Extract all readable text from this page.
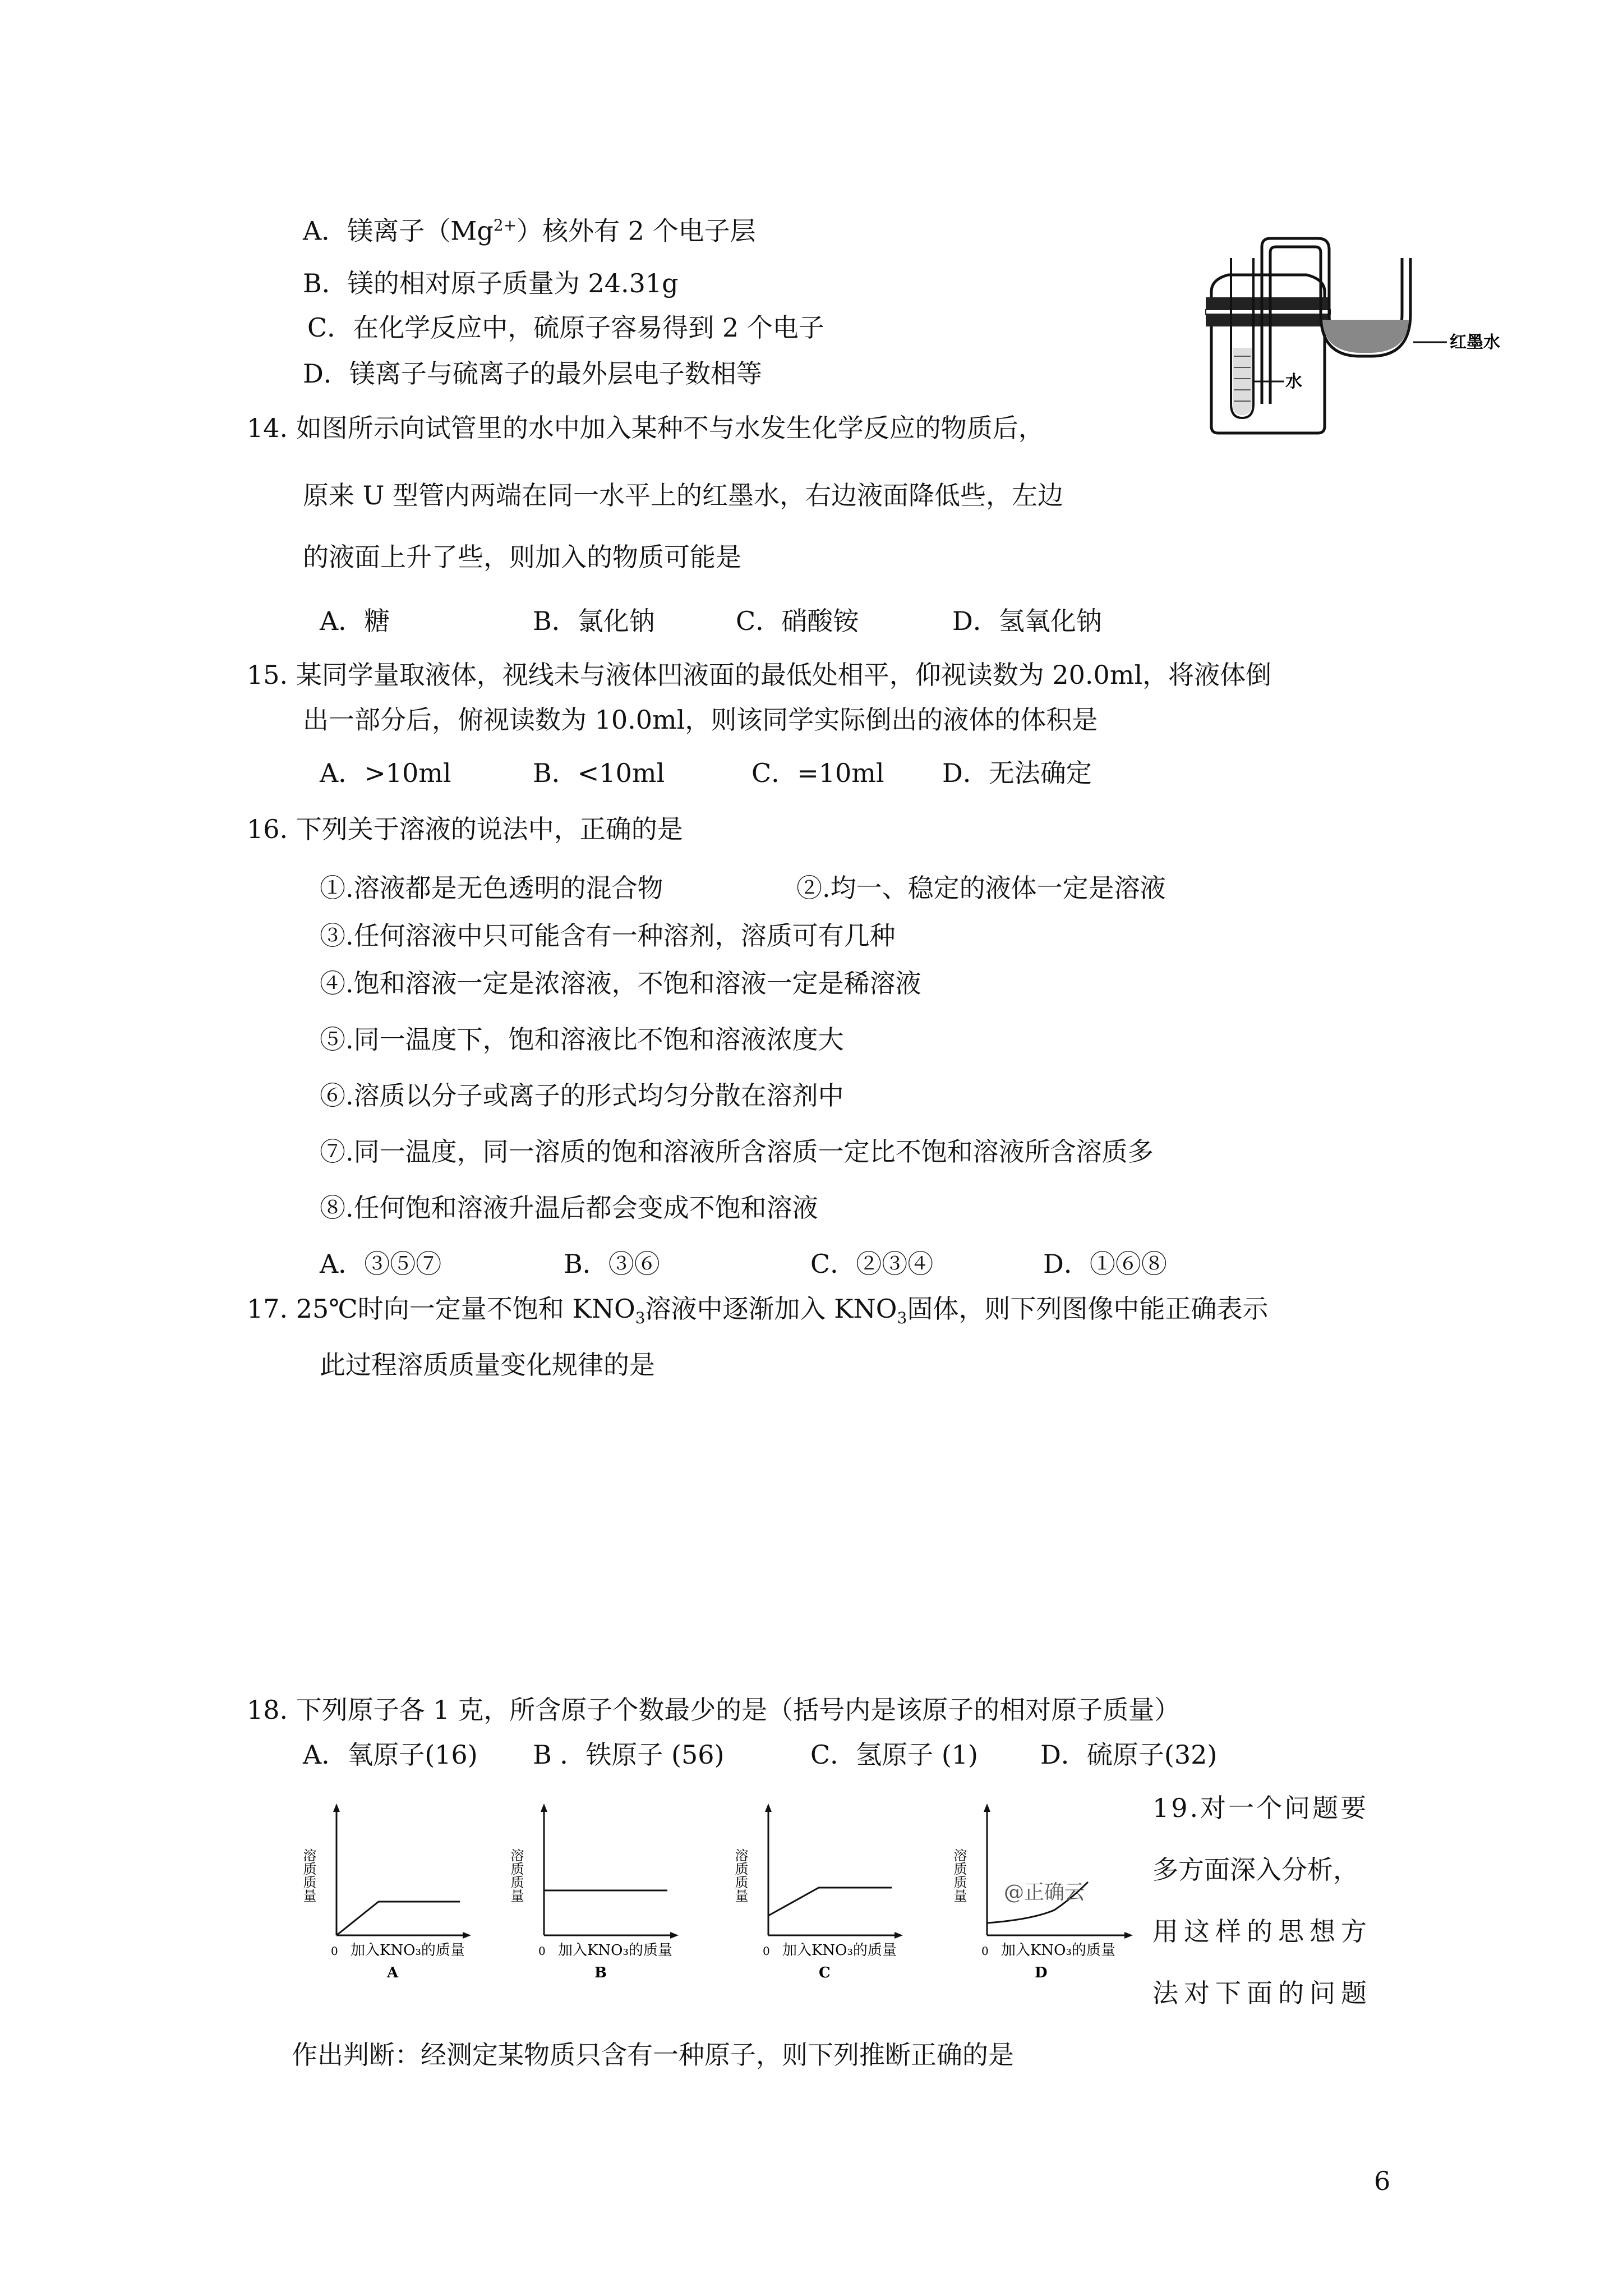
A．镁离子$(Mg^{2+})$核外有 2 个电子层
B．镁的相对原子质量为 24.31g
C．在化学反应中，硫原子容易得到 2 个电子
D．镁离子与硫离子的最外层电子数相等
14. 如图所示向试管里的水中加入某种不与水发生化学反应的物质后，
原来 U 型管内两端在同一水平上的红墨水，右边液面降低些，左边
的液面上升了些，则加入的物质可能是
A．糖	B．氯化钠	C．硝酸铵	D．氢氧化钠
红墨水
水
15. 某同学量取液体，视线未与液体凹液面的最低处相平，仰视读数为 20.0ml，将液体倒
出一部分后，俯视读数为 10.0ml，则该同学实际倒出的液体的体积是
A．>10ml	B．<10ml	C．=10ml D．无法确定
16. 下列关于溶液的说法中，正确的是
①.溶液都是无色透明的混合物	②.均一、稳定的液体一定是溶液
③.任何溶液中只可能含有一种溶剂，溶质可有几种
④.饱和溶液一定是浓溶液，不饱和溶液一定是稀溶液
⑤.同一温度下，饱和溶液比不饱和溶液浓度大
⑥.溶质以分子或离子的形式均匀分散在溶剂中
⑦.同一温度，同一溶质的饱和溶液所含溶质一定比不饱和溶液所含溶质多
⑧.任何饱和溶液升温后都会变成不饱和溶液
A．③⑤⑦	B．③⑥	C．②③④	D．①⑥⑧
17. 25℃时向一定量不饱和 $KNO_3$溶液中逐渐加入 $KNO_3$固体，则下列图像中能正确表示
此过程溶质质量变化规律的是
18. 下列原子各 1 克，所含原子个数最少的是（括号内是该原子的相对原子质量）
A．氧原子(16) B ．铁原子 (56)	C．氢原子 (1) D．硫原子(32)
溶质质量
0 加入KNO₃的质量
A
溶质质量
0 加入KNO₃的质量
B
溶质质量
0 加入KNO₃的质量
C
溶质质量 @正确云
0 加入KNO₃的质量
D
19.对一个问题要
多方面深入分析，
用这样的思想方
法对下面的问题
作出判断：经测定某物质只含有一种原子，则下列推断正确的是
6
